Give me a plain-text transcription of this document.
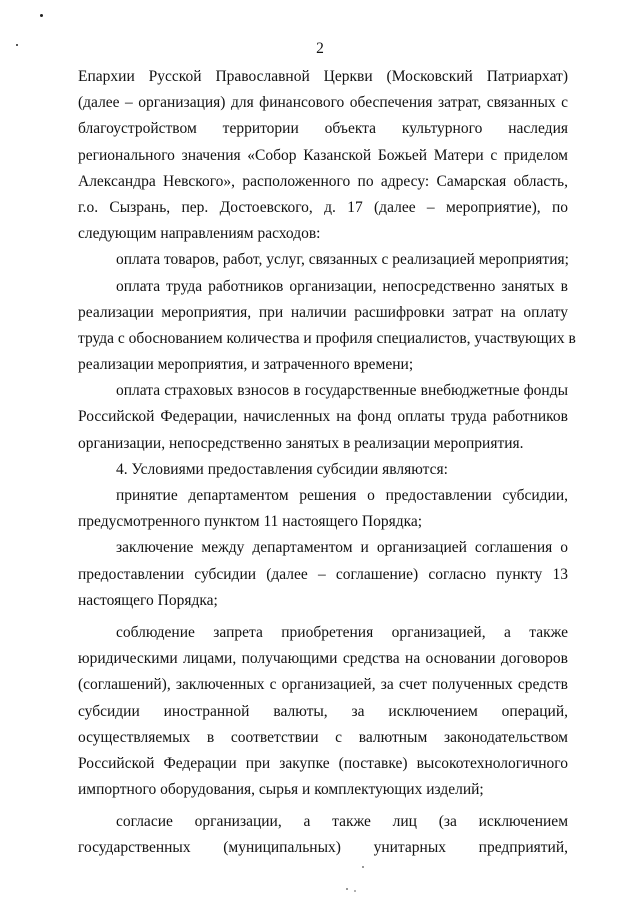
2
Епархии Русской Православной Церкви (Московский Патриархат)
(далее – организация) для финансового обеспечения затрат, связанных с
благоустройством территории объекта культурного наследия
регионального значения «Собор Казанской Божьей Матери с приделом
Александра Невского», расположенного по адресу: Самарская область,
г.о. Сызрань, пер. Достоевского, д. 17 (далее – мероприятие), по
следующим направлениям расходов:
оплата товаров, работ, услуг, связанных с реализацией мероприятия;
оплата труда работников организации, непосредственно занятых в
реализации мероприятия, при наличии расшифровки затрат на оплату
труда с обоснованием количества и профиля специалистов, участвующих в
реализации мероприятия, и затраченного времени;
оплата страховых взносов в государственные внебюджетные фонды
Российской Федерации, начисленных на фонд оплаты труда работников
организации, непосредственно занятых в реализации мероприятия.
4. Условиями предоставления субсидии являются:
принятие департаментом решения о предоставлении субсидии,
предусмотренного пунктом 11 настоящего Порядка;
заключение между департаментом и организацией соглашения о
предоставлении субсидии (далее – соглашение) согласно пункту 13
настоящего Порядка;
соблюдение запрета приобретения организацией, а также
юридическими лицами, получающими средства на основании договоров
(соглашений), заключенных с организацией, за счет полученных средств
субсидии иностранной валюты, за исключением операций,
осуществляемых в соответствии с валютным законодательством
Российской Федерации при закупке (поставке) высокотехнологичного
импортного оборудования, сырья и комплектующих изделий;
согласие организации, а также лиц (за исключением
государственных (муниципальных) унитарных предприятий,
